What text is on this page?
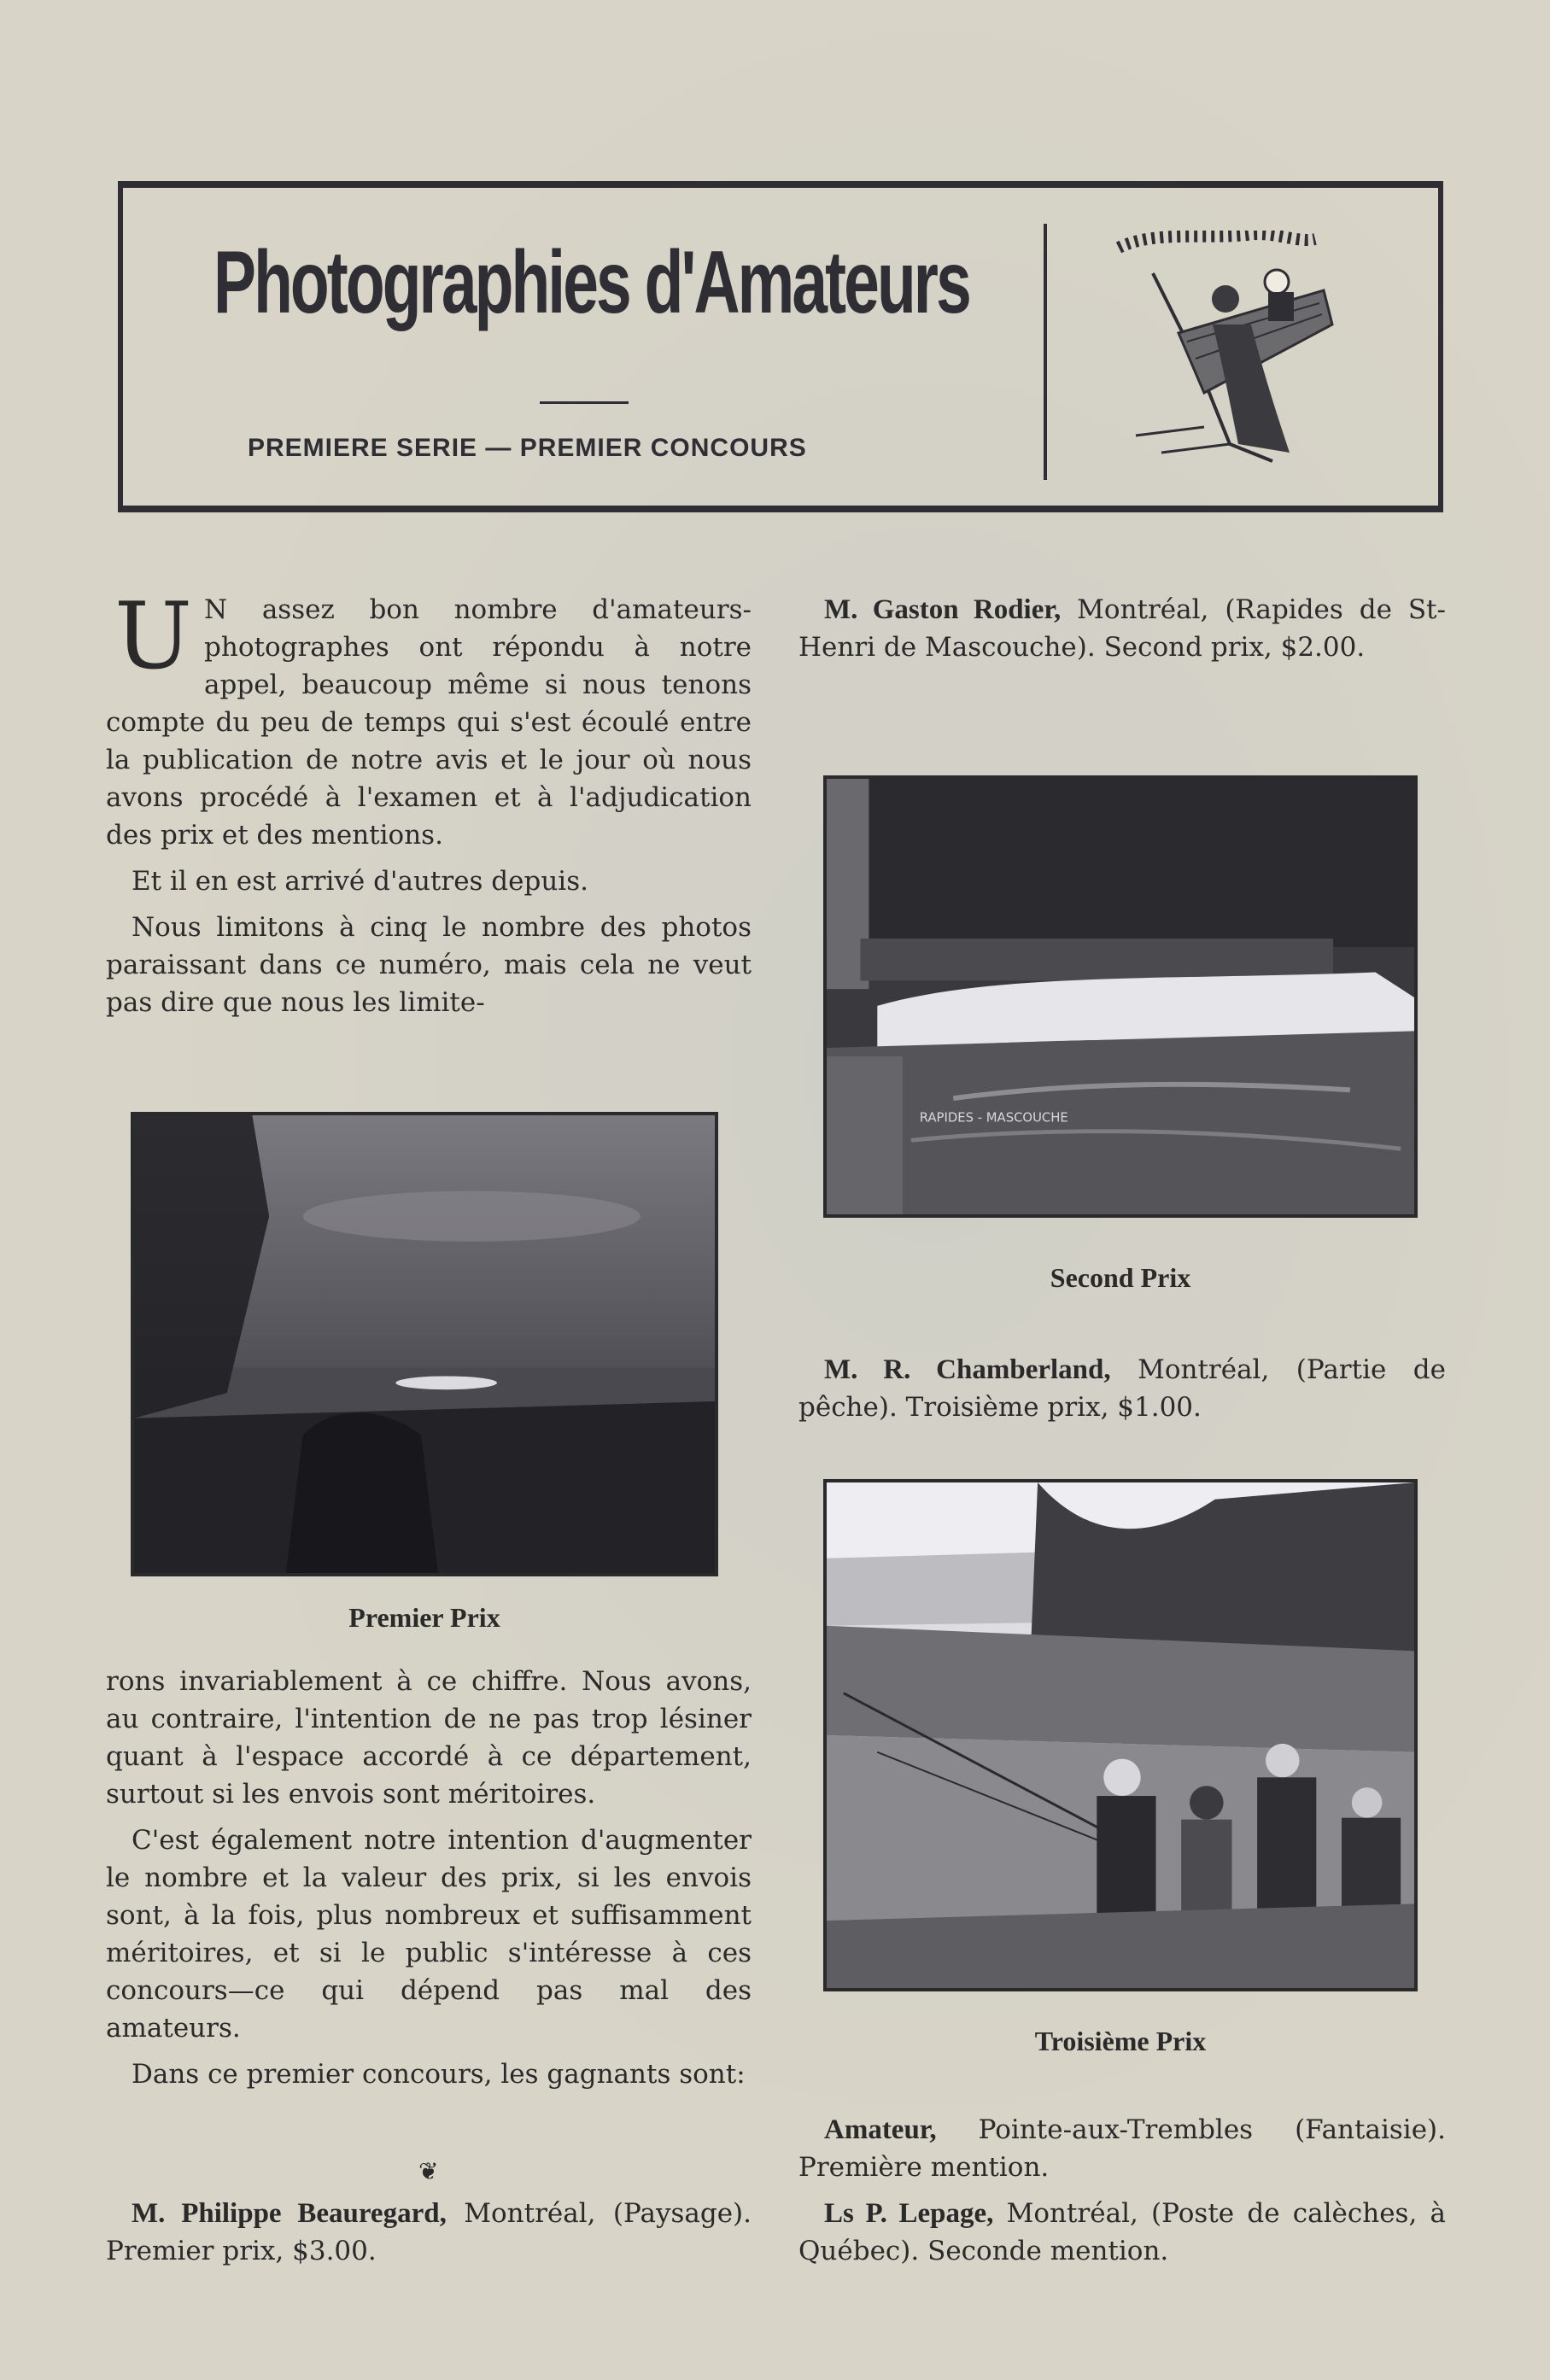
Photographies d'Amateurs
PREMIERE SERIE — PREMIER CONCOURS
U N assez bon nombre d'amateurs-photographes ont répondu à notre appel, beaucoup même si nous tenons compte du peu de temps qui s'est écoulé entre la publication de notre avis et le jour où nous avons procédé à l'examen et à l'adjudication des prix et des mentions.

Et il en est arrivé d'autres depuis.

Nous limitons à cinq le nombre des photos paraissant dans ce numéro, mais cela ne veut pas dire que nous les limite-

Premier Prix

rons invariablement à ce chiffre. Nous avons, au contraire, l'intention de ne pas trop lésiner quant à l'espace accordé à ce département, surtout si les envois sont méritoires.

C'est également notre intention d'augmenter le nombre et la valeur des prix, si les envois sont, à la fois, plus nombreux et suffisamment méritoires, et si le public s'intéresse à ces concours—ce qui dépend pas mal des amateurs.

Dans ce premier concours, les gagnants sont:

❦

M. Philippe Beauregard, Montréal, (Paysage). Premier prix, $3.00.

M. Gaston Rodier, Montréal, (Rapides de St-Henri de Mascouche). Second prix, $2.00.

RAPIDES - MASCOUCHE
Second Prix

M. R. Chamberland, Montréal, (Partie de pêche). Troisième prix, $1.00.

Troisième Prix

Amateur, Pointe-aux-Trembles (Fantaisie). Première mention.

Ls P. Lepage, Montréal, (Poste de calèches, à Québec). Seconde mention.
